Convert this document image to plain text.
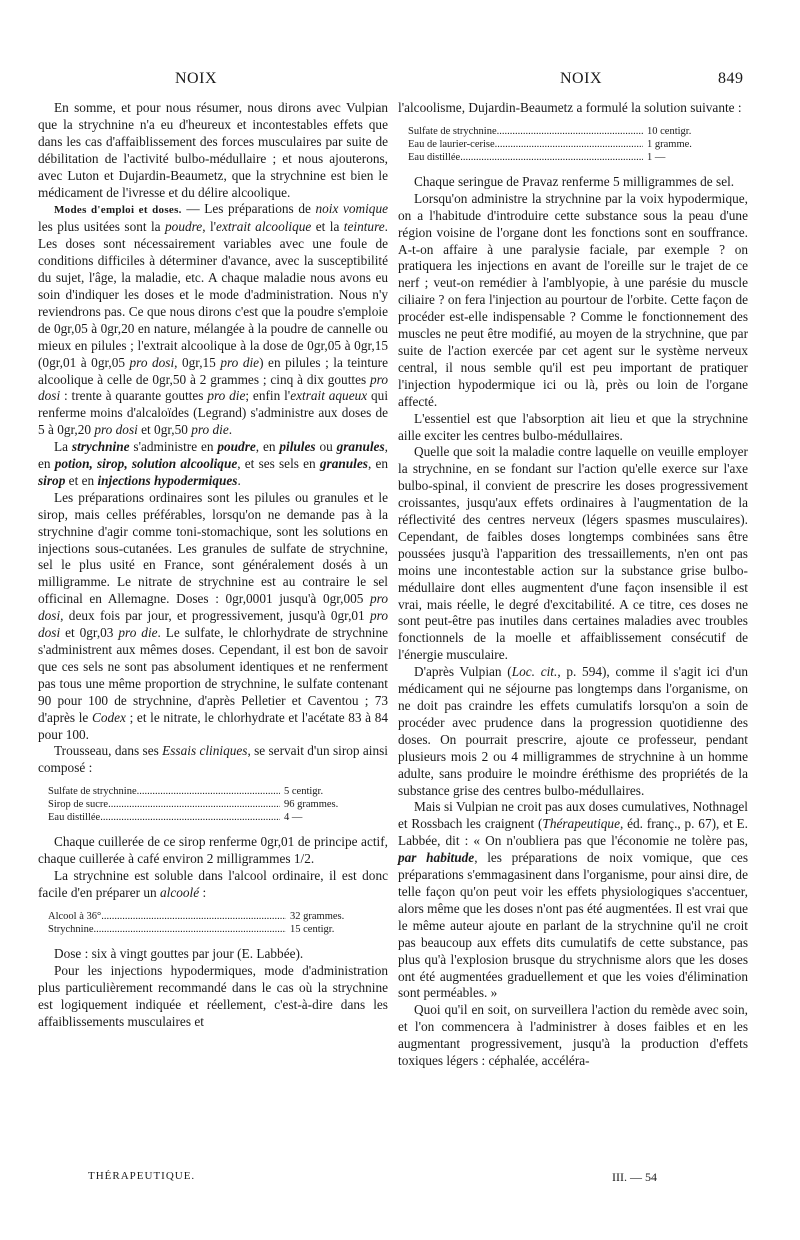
NOIX	NOIX	849

En somme, et pour nous résumer, nous dirons avec Vulpian que la strychnine n'a eu d'heureux et incontestables effets que dans les cas d'affaiblissement des forces musculaires par suite de débilitation de l'activité bulbo-médullaire ; et nous ajouterons, avec Luton et Dujardin-Beaumetz, que la strychnine est bien le médicament de l'ivresse et du délire alcoolique.

Modes d'emploi et doses. — Les préparations de noix vomique les plus usitées sont la poudre, l'extrait alcoolique et la teinture. Les doses sont nécessairement variables avec une foule de conditions difficiles à déterminer d'avance, avec la susceptibilité du sujet, l'âge, la maladie, etc. A chaque maladie nous avons eu soin d'indiquer les doses et le mode d'administration. Nous n'y reviendrons pas. Ce que nous dirons c'est que la poudre s'emploie de 0gr,05 à 0gr,20 en nature, mélangée à la poudre de cannelle ou mieux en pilules ; l'extrait alcoolique à la dose de 0gr,05 à 0gr,15 (0gr,01 à 0gr,05 pro dosi, 0gr,15 pro die) en pilules ; la teinture alcoolique à celle de 0gr,50 à 2 grammes ; cinq à dix gouttes pro dosi : trente à quarante gouttes pro die; enfin l'extrait aqueux qui renferme moins d'alcaloïdes (Legrand) s'administre aux doses de 5 à 0gr,20 pro dosi et 0gr,50 pro die.

La strychnine s'administre en poudre, en pilules ou granules, en potion, sirop, solution alcoolique, et ses sels en granules, en sirop et en injections hypodermiques.

Les préparations ordinaires sont les pilules ou granules et le sirop, mais celles préférables, lorsqu'on ne demande pas à la strychnine d'agir comme toni-stomachique, sont les solutions en injections sous-cutanées. Les granules de sulfate de strychnine, sel le plus usité en France, sont généralement dosés à un milligramme. Le nitrate de strychnine est au contraire le sel officinal en Allemagne. Doses : 0gr,0001 jusqu'à 0gr,005 pro dosi, deux fois par jour, et progressivement, jusqu'à 0gr,01 pro dosi et 0gr,03 pro die. Le sulfate, le chlorhydrate de strychnine s'administrent aux mêmes doses. Cependant, il est bon de savoir que ces sels ne sont pas absolument identiques et ne renferment pas tous une même proportion de strychnine, le sulfate contenant 90 pour 100 de strychnine, d'après Pelletier et Caventou ; 73 d'après le Codex ; et le nitrate, le chlorhydrate et l'acétate 83 à 84 pour 100.

Trousseau, dans ses Essais cliniques, se servait d'un sirop ainsi composé :

Sulfate de strychnine .....	5 centigr.
Sirop de sucre .....	96 grammes.
Eau distillée .....	4 —

Chaque cuillerée de ce sirop renferme 0gr,01 de principe actif, chaque cuillerée à café environ 2 milligrammes 1/2.

La strychnine est soluble dans l'alcool ordinaire, il est donc facile d'en préparer un alcoolé :

Alcool à 36° .....	32 grammes.
Strychnine .....	15 centigr.

Dose : six à vingt gouttes par jour (E. Labbée).

Pour les injections hypodermiques, mode d'administration plus particulièrement recommandé dans le cas où la strychnine est logiquement indiquée et réellement, c'est-à-dire dans les affaiblissements musculaires et

l'alcoolisme, Dujardin-Beaumetz a formulé la solution suivante :

Sulfate de strychnine .....	10 centigr.
Eau de laurier-cerise .....	1 gramme.
Eau distillée .....	1 —

Chaque seringue de Pravaz renferme 5 milligrammes de sel.

Lorsqu'on administre la strychnine par la voix hypodermique, on a l'habitude d'introduire cette substance sous la peau d'une région voisine de l'organe dont les fonctions sont en souffrance. A-t-on affaire à une paralysie faciale, par exemple ? on pratiquera les injections en avant de l'oreille sur le trajet de ce nerf ; veut-on remédier à l'amblyopie, à une parésie du muscle ciliaire ? on fera l'injection au pourtour de l'orbite. Cette façon de procéder est-elle indispensable ? Comme le fonctionnement des muscles ne peut être modifié, au moyen de la strychnine, que par suite de l'action exercée par cet agent sur le système nerveux central, il nous semble qu'il est peu important de pratiquer l'injection hypodermique ici ou là, près ou loin de l'organe affecté.

L'essentiel est que l'absorption ait lieu et que la strychnine aille exciter les centres bulbo-médullaires.

Quelle que soit la maladie contre laquelle on veuille employer la strychnine, en se fondant sur l'action qu'elle exerce sur l'axe bulbo-spinal, il convient de prescrire les doses progressivement croissantes, jusqu'aux effets ordinaires à l'augmentation de la réflectivité des centres nerveux (légers spasmes musculaires). Cependant, de faibles doses longtemps combinées sans être poussées jusqu'à l'apparition des tressaillements, n'en ont pas moins une incontestable action sur la substance grise bulbo-médullaire dont elles augmentent d'une façon insensible il est vrai, mais réelle, le degré d'excitabilité. A ce titre, ces doses ne sont peut-être pas inutiles dans certaines maladies avec troubles fonctionnels de la moelle et affaiblissement consécutif de l'énergie musculaire.

D'après Vulpian (Loc. cit., p. 594), comme il s'agit ici d'un médicament qui ne séjourne pas longtemps dans l'organisme, on ne doit pas craindre les effets cumulatifs lorsqu'on a soin de procéder avec prudence dans la progression quotidienne des doses. On pourrait prescrire, ajoute ce professeur, pendant plusieurs mois 2 ou 4 milligrammes de strychnine à un homme adulte, sans produire le moindre éréthisme des propriétés de la substance grise des centres bulbo-médullaires.

Mais si Vulpian ne croit pas aux doses cumulatives, Nothnagel et Rossbach les craignent (Thérapeutique, éd. franç., p. 67), et E. Labbée, dit : « On n'oubliera pas que l'économie ne tolère pas, par habitude, les préparations de noix vomique, que ces préparations s'emmagasinent dans l'organisme, pour ainsi dire, de telle façon qu'on peut voir les effets physiologiques s'accentuer, alors même que les doses n'ont pas été augmentées. Il est vrai que le même auteur ajoute en parlant de la strychnine qu'il ne croit pas beaucoup aux effets dits cumulatifs de cette substance, pas plus qu'à l'explosion brusque du strychnisme alors que les doses ont été augmentées graduellement et que les voies d'élimination sont perméables. »

Quoi qu'il en soit, on surveillera l'action du remède avec soin, et l'on commencera à l'administrer à doses faibles et en les augmentant progressivement, jusqu'à la production d'effets toxiques légers : céphalée, accéléra-

THÉRAPEUTIQUE.	III. — 54
